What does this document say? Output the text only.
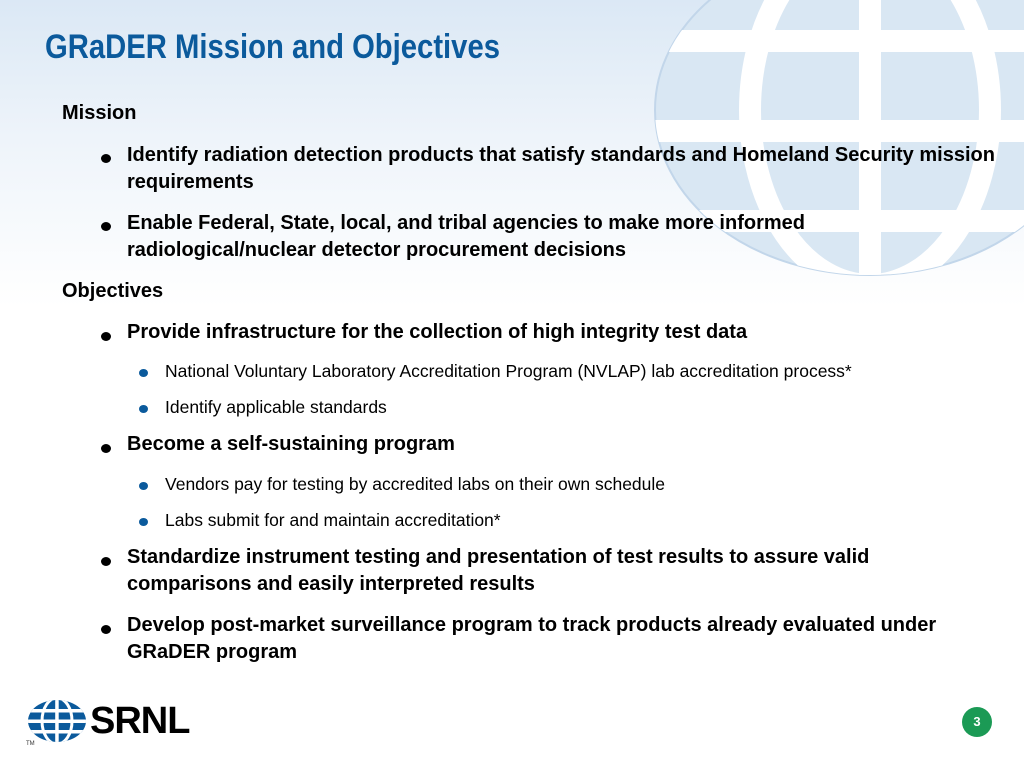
GRaDER Mission and Objectives
Mission
Identify radiation detection products that satisfy standards and Homeland Security mission requirements
Enable Federal, State, local, and tribal agencies to make more informed radiological/nuclear detector procurement decisions
Objectives
Provide infrastructure for the collection of high integrity test data
National Voluntary Laboratory Accreditation Program (NVLAP) lab accreditation process*
Identify applicable standards
Become a self-sustaining program
Vendors pay for testing by accredited labs on their own schedule
Labs submit for and maintain accreditation*
Standardize instrument testing and presentation of test results to assure valid comparisons and easily interpreted results
Develop post-market surveillance program to track products already evaluated under GRaDER program
SRNL
TM
3
